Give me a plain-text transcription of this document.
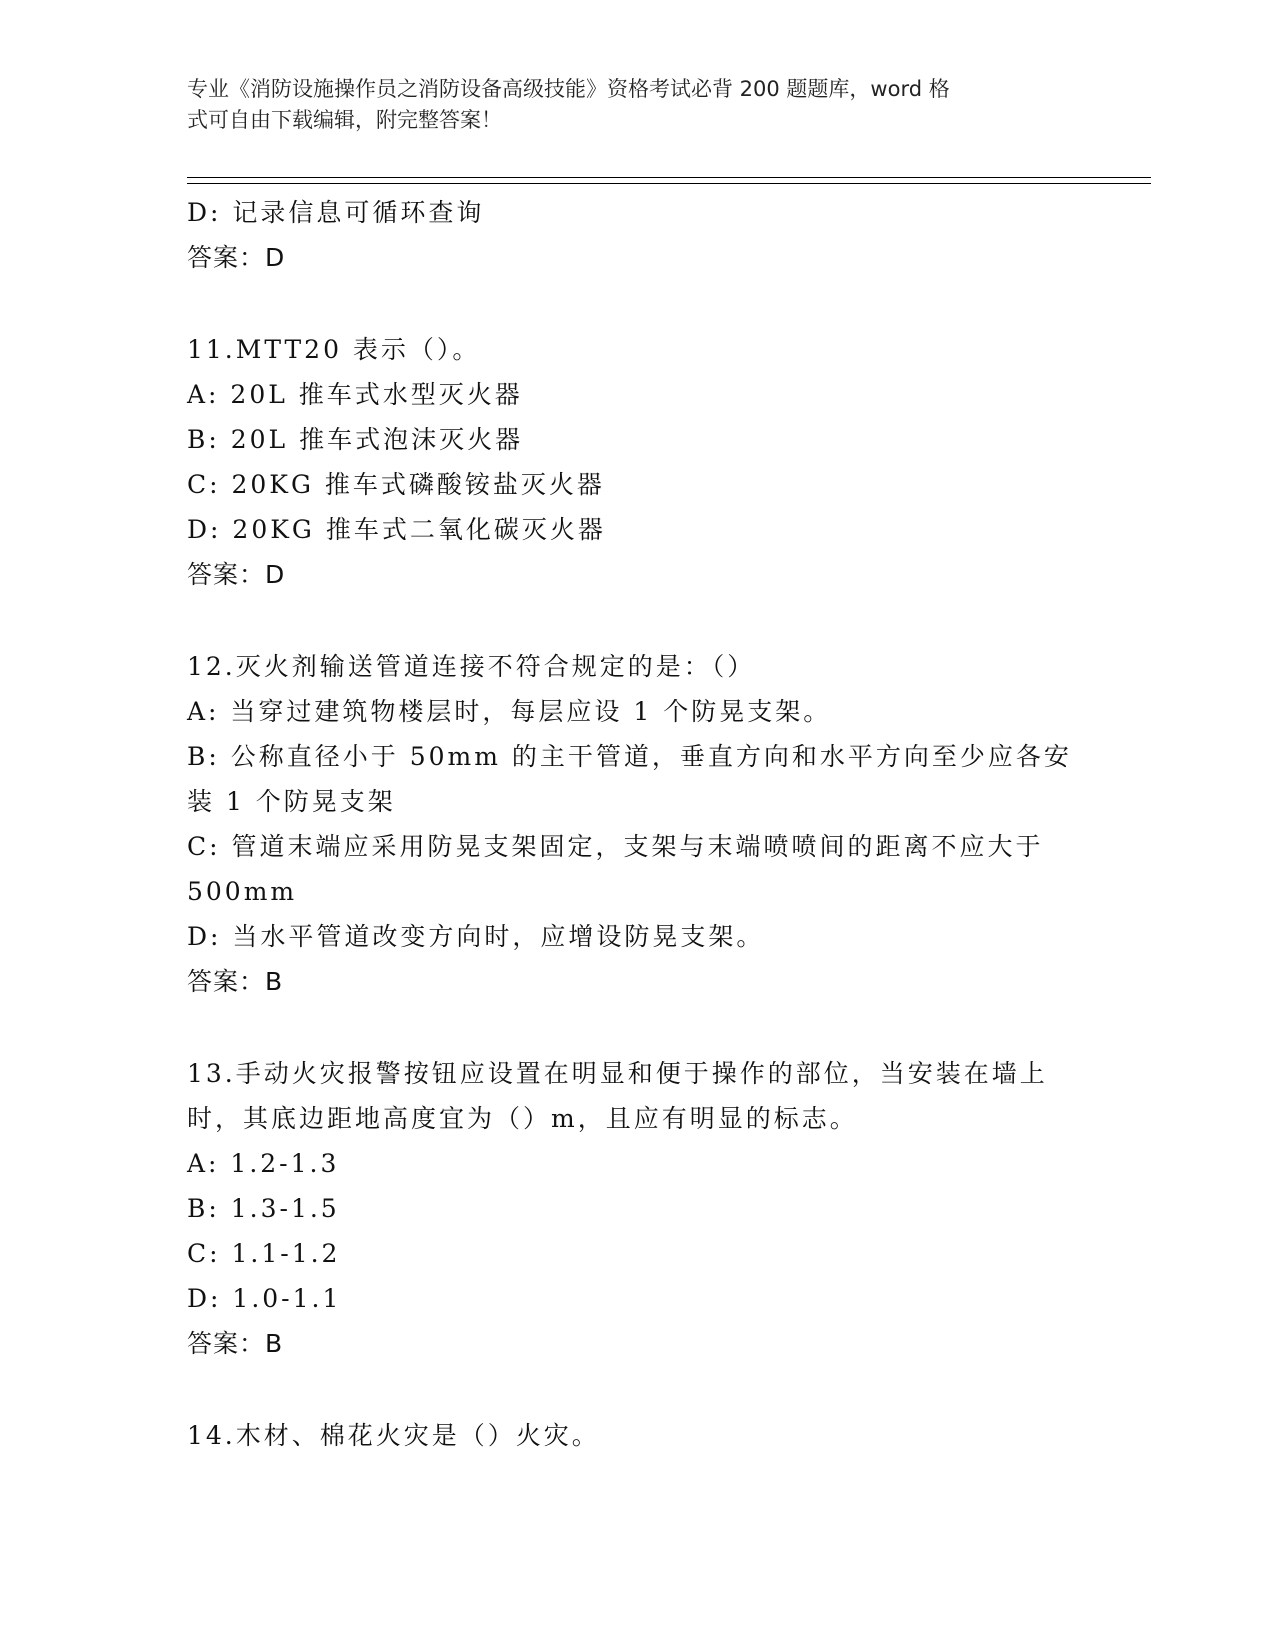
专业《消防设施操作员之消防设备高级技能》资格考试必背 200 题题库，word 格
式可自由下载编辑，附完整答案！
D: 记录信息可循环查询
答案：D
11.MTT20 表示（）。
A: 20L 推车式水型灭火器
B: 20L 推车式泡沫灭火器
C: 20KG 推车式磷酸铵盐灭火器
D: 20KG 推车式二氧化碳灭火器
答案：D
12.灭火剂输送管道连接不符合规定的是：（）
A: 当穿过建筑物楼层时，每层应设 1 个防晃支架。
B: 公称直径小于 50mm 的主干管道，垂直方向和水平方向至少应各安
装 1 个防晃支架
C: 管道末端应采用防晃支架固定，支架与末端喷喷间的距离不应大于
500mm
D: 当水平管道改变方向时，应增设防晃支架。
答案：B
13.手动火灾报警按钮应设置在明显和便于操作的部位，当安装在墙上
时，其底边距地高度宜为（）m，且应有明显的标志。
A: 1.2-1.3
B: 1.3-1.5
C: 1.1-1.2
D: 1.0-1.1
答案：B
14.木材、棉花火灾是（）火灾。
